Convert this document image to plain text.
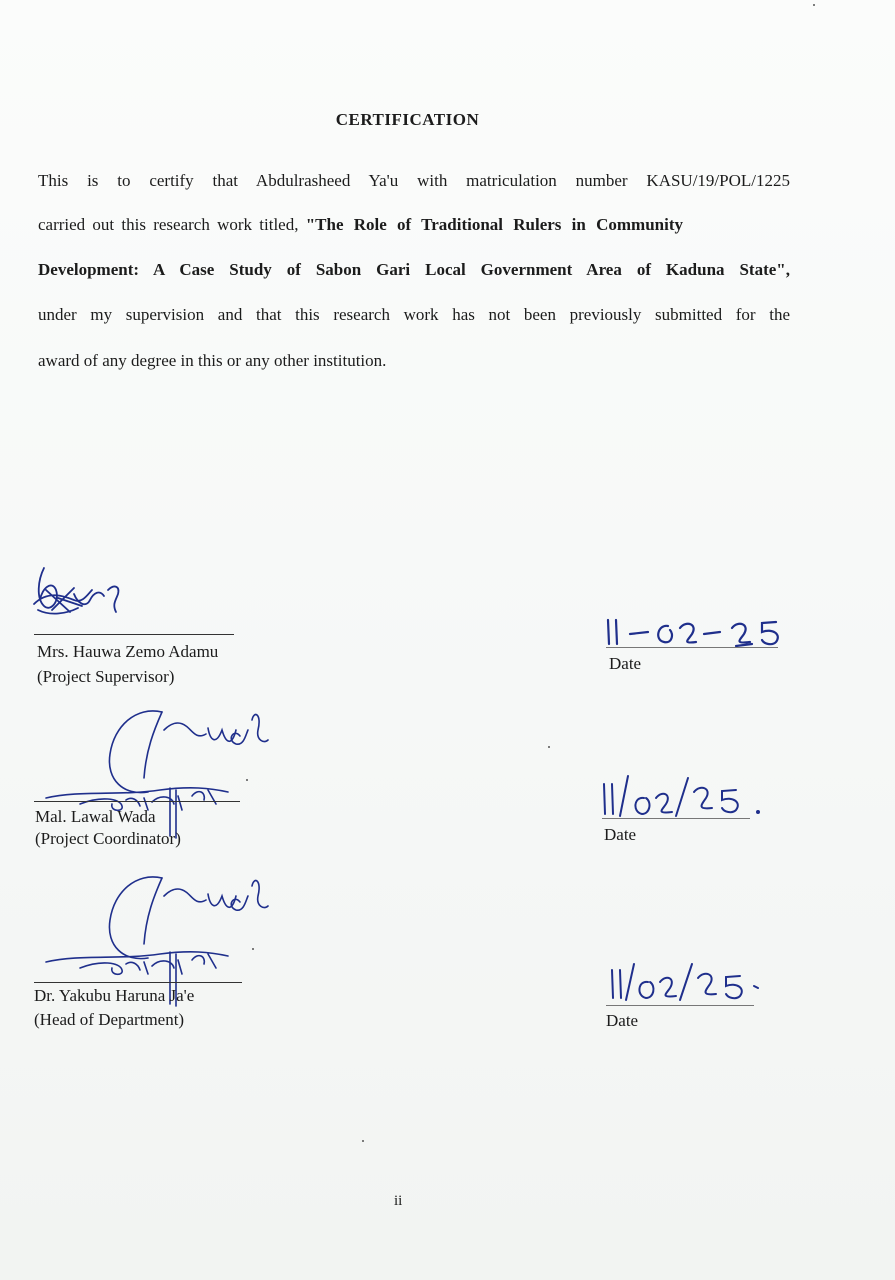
CERTIFICATION
This is to certify that Abdulrasheed Ya'u with matriculation number KASU/19/POL/1225
carried out this research work titled, "The Role of Traditional Rulers in Community
Development: A Case Study of Sabon Gari Local Government Area of Kaduna State",
under my supervision and that this research work has not been previously submitted for the
award of any degree in this or any other institution.
Mrs. Hauwa Zemo Adamu
(Project Supervisor)
Date
Mal. Lawal Wada
(Project Coordinator)	Date
Dr. Yakubu Haruna Ja'e
(Head of Department)	Date
ii
